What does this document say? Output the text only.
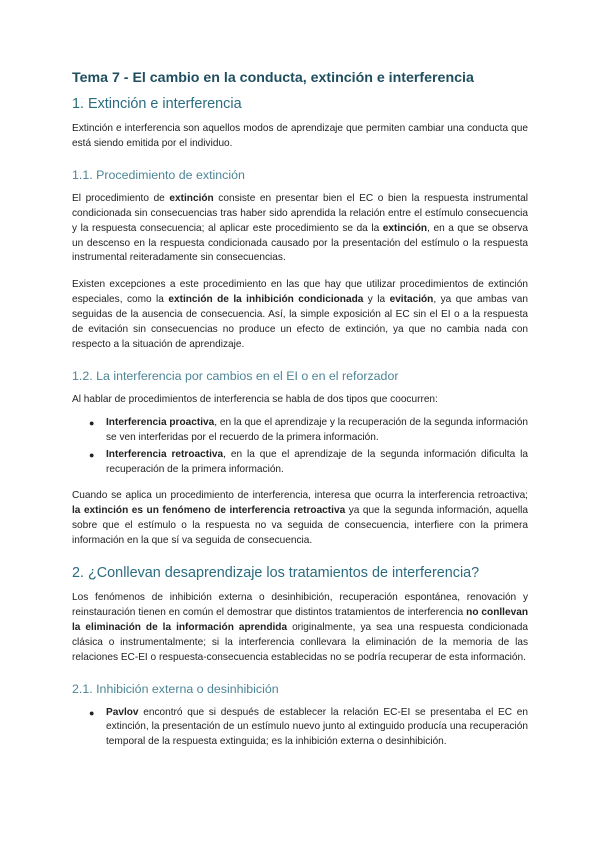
Tema 7 - El cambio en la conducta, extinción e interferencia
1. Extinción e interferencia

Extinción e interferencia son aquellos modos de aprendizaje que permiten cambiar una conducta que está siendo emitida por el individuo.

1.1. Procedimiento de extinción

El procedimiento de extinción consiste en presentar bien el EC o bien la respuesta instrumental condicionada sin consecuencias tras haber sido aprendida la relación entre el estímulo consecuencia y la respuesta consecuencia; al aplicar este procedimiento se da la extinción, en a que se observa un descenso en la respuesta condicionada causado por la presentación del estímulo o la respuesta instrumental reiteradamente sin consecuencias.

Existen excepciones a este procedimiento en las que hay que utilizar procedimientos de extinción especiales, como la extinción de la inhibición condicionada y la evitación, ya que ambas van seguidas de la ausencia de consecuencia. Así, la simple exposición al EC sin el EI o a la respuesta de evitación sin consecuencias no produce un efecto de extinción, ya que no cambia nada con respecto a la situación de aprendizaje.

1.2. La interferencia por cambios en el EI o en el reforzador

Al hablar de procedimientos de interferencia se habla de dos tipos que coocurren:

● Interferencia proactiva, en la que el aprendizaje y la recuperación de la segunda información se ven interferidas por el recuerdo de la primera información.
● Interferencia retroactiva, en la que el aprendizaje de la segunda información dificulta la recuperación de la primera información.

Cuando se aplica un procedimiento de interferencia, interesa que ocurra la interferencia retroactiva; la extinción es un fenómeno de interferencia retroactiva ya que la segunda información, aquella sobre que el estímulo o la respuesta no va seguida de consecuencia, interfiere con la primera información en la que sí va seguida de consecuencia.

2. ¿Conllevan desaprendizaje los tratamientos de interferencia?

Los fenómenos de inhibición externa o desinhibición, recuperación espontánea, renovación y reinstauración tienen en común el demostrar que distintos tratamientos de interferencia no conllevan la eliminación de la información aprendida originalmente, ya sea una respuesta condicionada clásica o instrumentalmente; si la interferencia conllevara la eliminación de la memoria de las relaciones EC-EI o respuesta-consecuencia establecidas no se podría recuperar de esta información.

2.1. Inhibición externa o desinhibición
● Pavlov encontró que si después de establecer la relación EC-EI se presentaba el EC en extinción, la presentación de un estímulo nuevo junto al extinguido producía una recuperación temporal de la respuesta extinguida; es la inhibición externa o desinhibición.
